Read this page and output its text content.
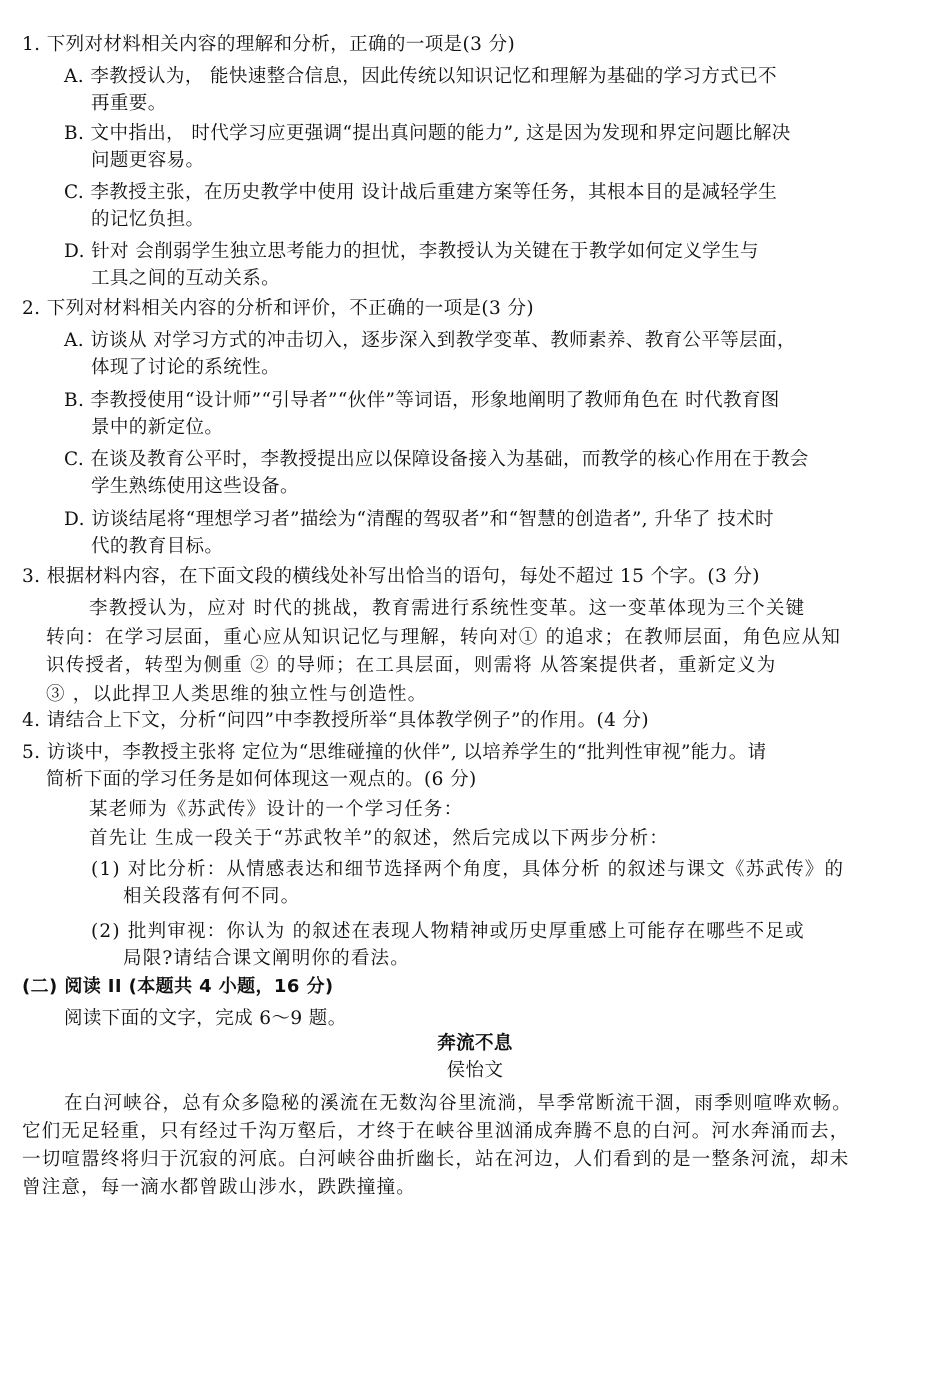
1. 下列对材料相关内容的理解和分析，正确的一项是(3 分)
A. 李教授认为， 能快速整合信息，因此传统以知识记忆和理解为基础的学习方式已不
再重要。
B. 文中指出， 时代学习应更强调“提出真问题的能力”, 这是因为发现和界定问题比解决
问题更容易。
C. 李教授主张，在历史教学中使用 设计战后重建方案等任务，其根本目的是减轻学生
的记忆负担。
D. 针对 会削弱学生独立思考能力的担忧，李教授认为关键在于教学如何定义学生与
工具之间的互动关系。
2. 下列对材料相关内容的分析和评价，不正确的一项是(3 分)
A. 访谈从 对学习方式的冲击切入，逐步深入到教学变革、教师素养、教育公平等层面，
体现了讨论的系统性。
B. 李教授使用“设计师”“引导者”“伙伴”等词语，形象地阐明了教师角色在 时代教育图
景中的新定位。
C. 在谈及教育公平时，李教授提出应以保障设备接入为基础，而教学的核心作用在于教会
学生熟练使用这些设备。
D. 访谈结尾将“理想学习者”描绘为“清醒的驾驭者”和“智慧的创造者”, 升华了 技术时
代的教育目标。
3. 根据材料内容，在下面文段的横线处补写出恰当的语句，每处不超过 15 个字。(3 分)
李教授认为，应对 时代的挑战，教育需进行系统性变革。这一变革体现为三个关键
转向：在学习层面，重心应从知识记忆与理解，转向对① 的追求；在教师层面，角色应从知
识传授者，转型为侧重 ② 的导师；在工具层面，则需将 从答案提供者，重新定义为
③ ，以此捍卫人类思维的独立性与创造性。
4. 请结合上下文，分析“问四”中李教授所举“具体教学例子”的作用。(4 分)
5. 访谈中，李教授主张将 定位为“思维碰撞的伙伴”, 以培养学生的“批判性审视”能力。请
简析下面的学习任务是如何体现这一观点的。(6 分)
某老师为《苏武传》设计的一个学习任务：
首先让 生成一段关于“苏武牧羊”的叙述，然后完成以下两步分析：
(1) 对比分析：从情感表达和细节选择两个角度，具体分析 的叙述与课文《苏武传》的
相关段落有何不同。
(2) 批判审视：你认为 的叙述在表现人物精神或历史厚重感上可能存在哪些不足或
局限?请结合课文阐明你的看法。
(二) 阅读 II (本题共 4 小题，16 分)
阅读下面的文字，完成 6～9 题。
奔流不息
侯怡文
在白河峡谷，总有众多隐秘的溪流在无数沟谷里流淌，旱季常断流干涸，雨季则喧哗欢畅。
它们无足轻重，只有经过千沟万壑后，才终于在峡谷里汹涌成奔腾不息的白河。河水奔涌而去，
一切喧嚣终将归于沉寂的河底。白河峡谷曲折幽长，站在河边，人们看到的是一整条河流，却未
曾注意，每一滴水都曾跋山涉水，跌跌撞撞。
